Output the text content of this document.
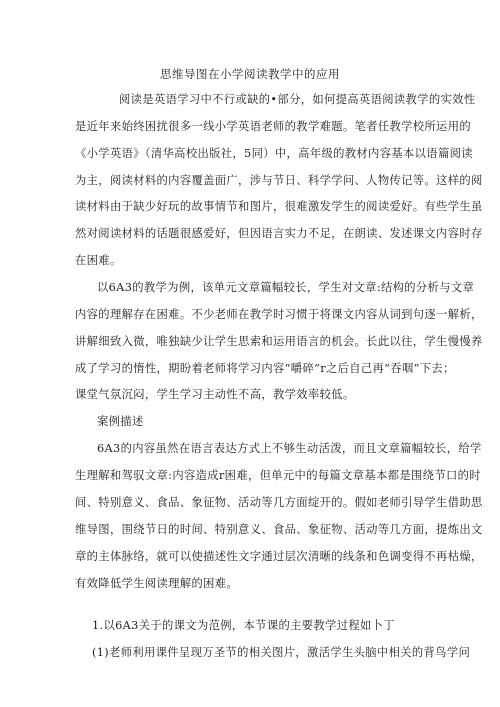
思维导图在小学阅读教学中的应用
阅读是英语学习中不行或缺的•部分，如何提高英语阅读教学的实效性
是近年来始终困扰很多一线小学英语老师的教学难题。笔者任教学校所运用的
《小学英语》（清华高校出版社，5同）中，高年级的教材内容基本以语篇阅读
为主，阅读材料的内容覆盖面广，涉与节日、科学学问、人物传记等。这样的阅
读材料由于缺少好玩的故事情节和图片，很难激发学生的阅读爱好。有些学生虽
然对阅读材料的话题很感爱好，但因语言实力不足，在朗读、发述课文内容时存
在困难。
以6A3的教学为例，该单元文章篇幅较长，学生对文章:结构的分析与文章
内容的理解存在困难。不少老师在教学时习惯于将课文内容从词到句逐一解析，
讲解细致入微，唯独缺少让学生思索和运用语言的机会。长此以往，学生慢慢养
成了学习的惰性，期盼着老师将学习内容“嚼碎”r之后自己再“吞咽”下去；
课堂气氛沉闷，学生学习主动性不高，教学效率较低。
案例描述
6A3的内容虽然在语言表达方式上不够生动活泼，而且文章篇幅较长，给学
生理解和驾驭文章:内容造成r困难，但单元中的每篇文章基本都是围绕节口的时
间、特别意义、食品、象征物、活动等几方面绽开的。假如老师引导学生借助思
维导图，围绕节日的时间、特别意义、食品、象征物、活动等几方面，提炼出文
章的主体脉络，就可以使描述性文字通过层次清晰的线条和色调变得不再枯燥，
有效降低学生阅读理解的困难。
1.以6A3关于的课文为范例，本节课的主要教学过程如卜丁
(1)老师利用课件呈现万圣节的相关图片，激活学生头脑中相关的背鸟学问
